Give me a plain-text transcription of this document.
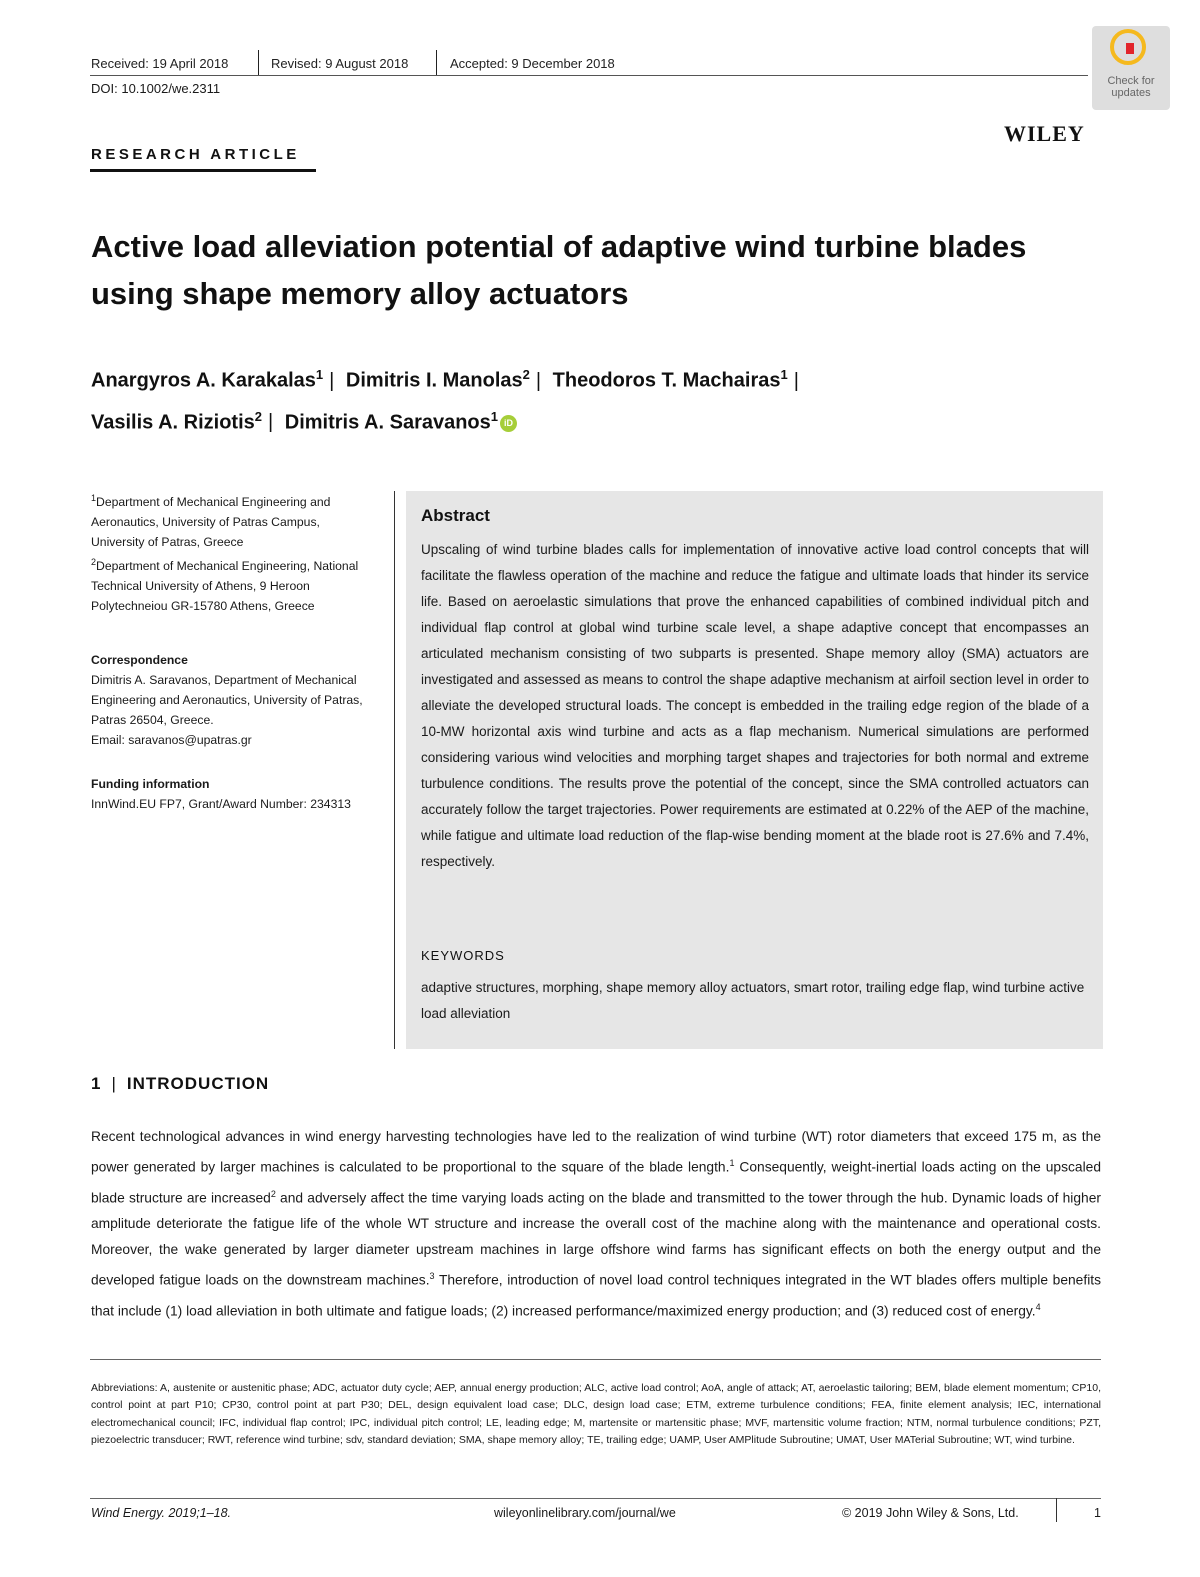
Received: 19 April 2018	Revised: 9 August 2018	Accepted: 9 December 2018
DOI: 10.1002/we.2311	Check for updates
WILEY
RESEARCH ARTICLE
Active load alleviation potential of adaptive wind turbine blades using shape memory alloy actuators
Anargyros A. Karakalas$^1$ | Dimitris I. Manolas$^2$ | Theodoros T. Machairas$^1$ |
Vasilis A. Riziotis$^2$ | Dimitris A. Saravanos$^1$ iD
$^1$Department of Mechanical Engineering and Aeronautics, University of Patras Campus, University of Patras, Greece
$^2$Department of Mechanical Engineering, National Technical University of Athens, 9 Heroon Polytechneiou GR-15780 Athens, Greece
Correspondence
Dimitris A. Saravanos, Department of Mechanical Engineering and Aeronautics, University of Patras, Patras 26504, Greece.
Email: saravanos@upatras.gr
Funding information
InnWind.EU FP7, Grant/Award Number: 234313
Abstract
Upscaling of wind turbine blades calls for implementation of innovative active load control concepts that will facilitate the flawless operation of the machine and reduce the fatigue and ultimate loads that hinder its service life. Based on aeroelastic simulations that prove the enhanced capabilities of combined individual pitch and individual flap control at global wind turbine scale level, a shape adaptive concept that encompasses an articulated mechanism consisting of two subparts is presented. Shape memory alloy (SMA) actuators are investigated and assessed as means to control the shape adaptive mechanism at airfoil section level in order to alleviate the developed structural loads. The concept is embedded in the trailing edge region of the blade of a 10-MW horizontal axis wind turbine and acts as a flap mechanism. Numerical simulations are performed considering various wind velocities and morphing target shapes and trajectories for both normal and extreme turbulence conditions. The results prove the potential of the concept, since the SMA controlled actuators can accurately follow the target trajectories. Power requirements are estimated at 0.22% of the AEP of the machine, while fatigue and ultimate load reduction of the flap-wise bending moment at the blade root is 27.6% and 7.4%, respectively.
KEYWORDS
adaptive structures, morphing, shape memory alloy actuators, smart rotor, trailing edge flap, wind turbine active load alleviation
1 | INTRODUCTION
Recent technological advances in wind energy harvesting technologies have led to the realization of wind turbine (WT) rotor diameters that exceed 175 m, as the power generated by larger machines is calculated to be proportional to the square of the blade length.$^1$ Consequently, weight-inertial loads acting on the upscaled blade structure are increased$^2$ and adversely affect the time varying loads acting on the blade and transmitted to the tower through the hub. Dynamic loads of higher amplitude deteriorate the fatigue life of the whole WT structure and increase the overall cost of the machine along with the maintenance and operational costs. Moreover, the wake generated by larger diameter upstream machines in large offshore wind farms has significant effects on both the energy output and the developed fatigue loads on the downstream machines.$^3$ Therefore, introduction of novel load control techniques integrated in the WT blades offers multiple benefits that include (1) load alleviation in both ultimate and fatigue loads; (2) increased performance/maximized energy production; and (3) reduced cost of energy.$^4$
Abbreviations: A, austenite or austenitic phase; ADC, actuator duty cycle; AEP, annual energy production; ALC, active load control; AoA, angle of attack; AT, aeroelastic tailoring; BEM, blade element momentum; CP10, control point at part P10; CP30, control point at part P30; DEL, design equivalent load case; DLC, design load case; ETM, extreme turbulence conditions; FEA, finite element analysis; IEC, international electromechanical council; IFC, individual flap control; IPC, individual pitch control; LE, leading edge; M, martensite or martensitic phase; MVF, martensitic volume fraction; NTM, normal turbulence conditions; PZT, piezoelectric transducer; RWT, reference wind turbine; sdv, standard deviation; SMA, shape memory alloy; TE, trailing edge; UAMP, User AMPlitude Subroutine; UMAT, User MATerial Subroutine; WT, wind turbine.
Wind Energy. 2019;1–18.	wileyonlinelibrary.com/journal/we	© 2019 John Wiley & Sons, Ltd.	1
